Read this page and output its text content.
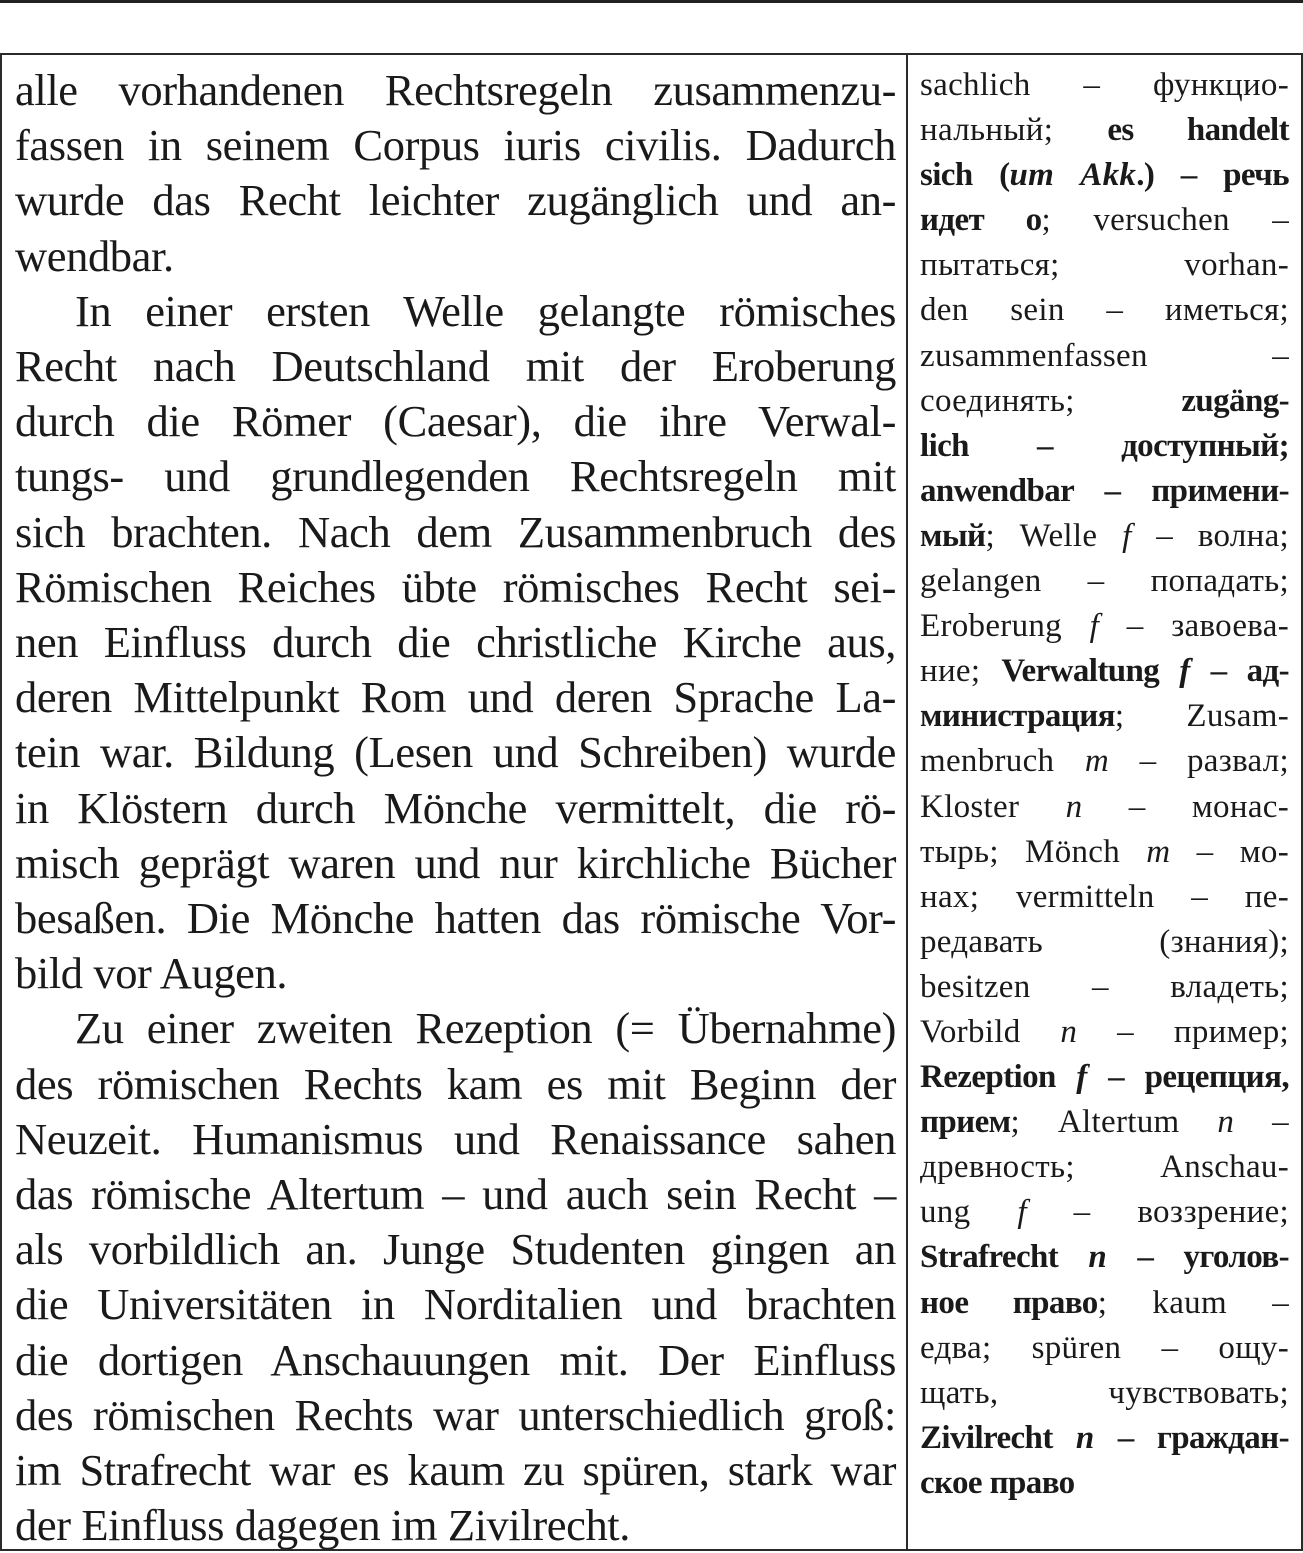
alle vorhandenen Rechtsregeln zusammenzu-
fassen in seinem Corpus iuris civilis. Dadurch
wurde das Recht leichter zugänglich und an-
wendbar.
In einer ersten Welle gelangte römisches
Recht nach Deutschland mit der Eroberung
durch die Römer (Caesar), die ihre Verwal-
tungs- und grundlegenden Rechtsregeln mit
sich brachten. Nach dem Zusammenbruch des
Römischen Reiches übte römisches Recht sei-
nen Einfluss durch die christliche Kirche aus,
deren Mittelpunkt Rom und deren Sprache La-
tein war. Bildung (Lesen und Schreiben) wurde
in Klöstern durch Mönche vermittelt, die rö-
misch geprägt waren und nur kirchliche Bücher
besaßen. Die Mönche hatten das römische Vor-
bild vor Augen.
Zu einer zweiten Rezeption (= Übernahme)
des römischen Rechts kam es mit Beginn der
Neuzeit. Humanismus und Renaissance sahen
das römische Altertum – und auch sein Recht –
als vorbildlich an. Junge Studenten gingen an
die Universitäten in Norditalien und brachten
die dortigen Anschauungen mit. Der Einfluss
des römischen Rechts war unterschiedlich groß:
im Strafrecht war es kaum zu spüren, stark war
der Einfluss dagegen im Zivilrecht.
sachlich – функцио-
нальный; es handelt
sich (um Akk.) – речь
идет о; versuchen –
пытаться; vorhan-
den sein – иметься;
zusammenfassen –
соединять; zugäng-
lich – доступный;
anwendbar – примени-
мый; Welle f – волна;
gelangen – попадать;
Eroberung f – завоева-
ние; Verwaltung f – ад-
министрация; Zusam-
menbruch m – развал;
Kloster n – монас-
тырь; Mönch m – мо-
нах; vermitteln – пе-
редавать (знания);
besitzen – владеть;
Vorbild n – пример;
Rezeption f – рецепция,
прием; Altertum n –
древность; Anschau-
ung f – воззрение;
Strafrecht n – уголов-
ное право; kaum –
едва; spüren – ощу-
щать, чувствовать;
Zivilrecht n – граждан-
ское право
